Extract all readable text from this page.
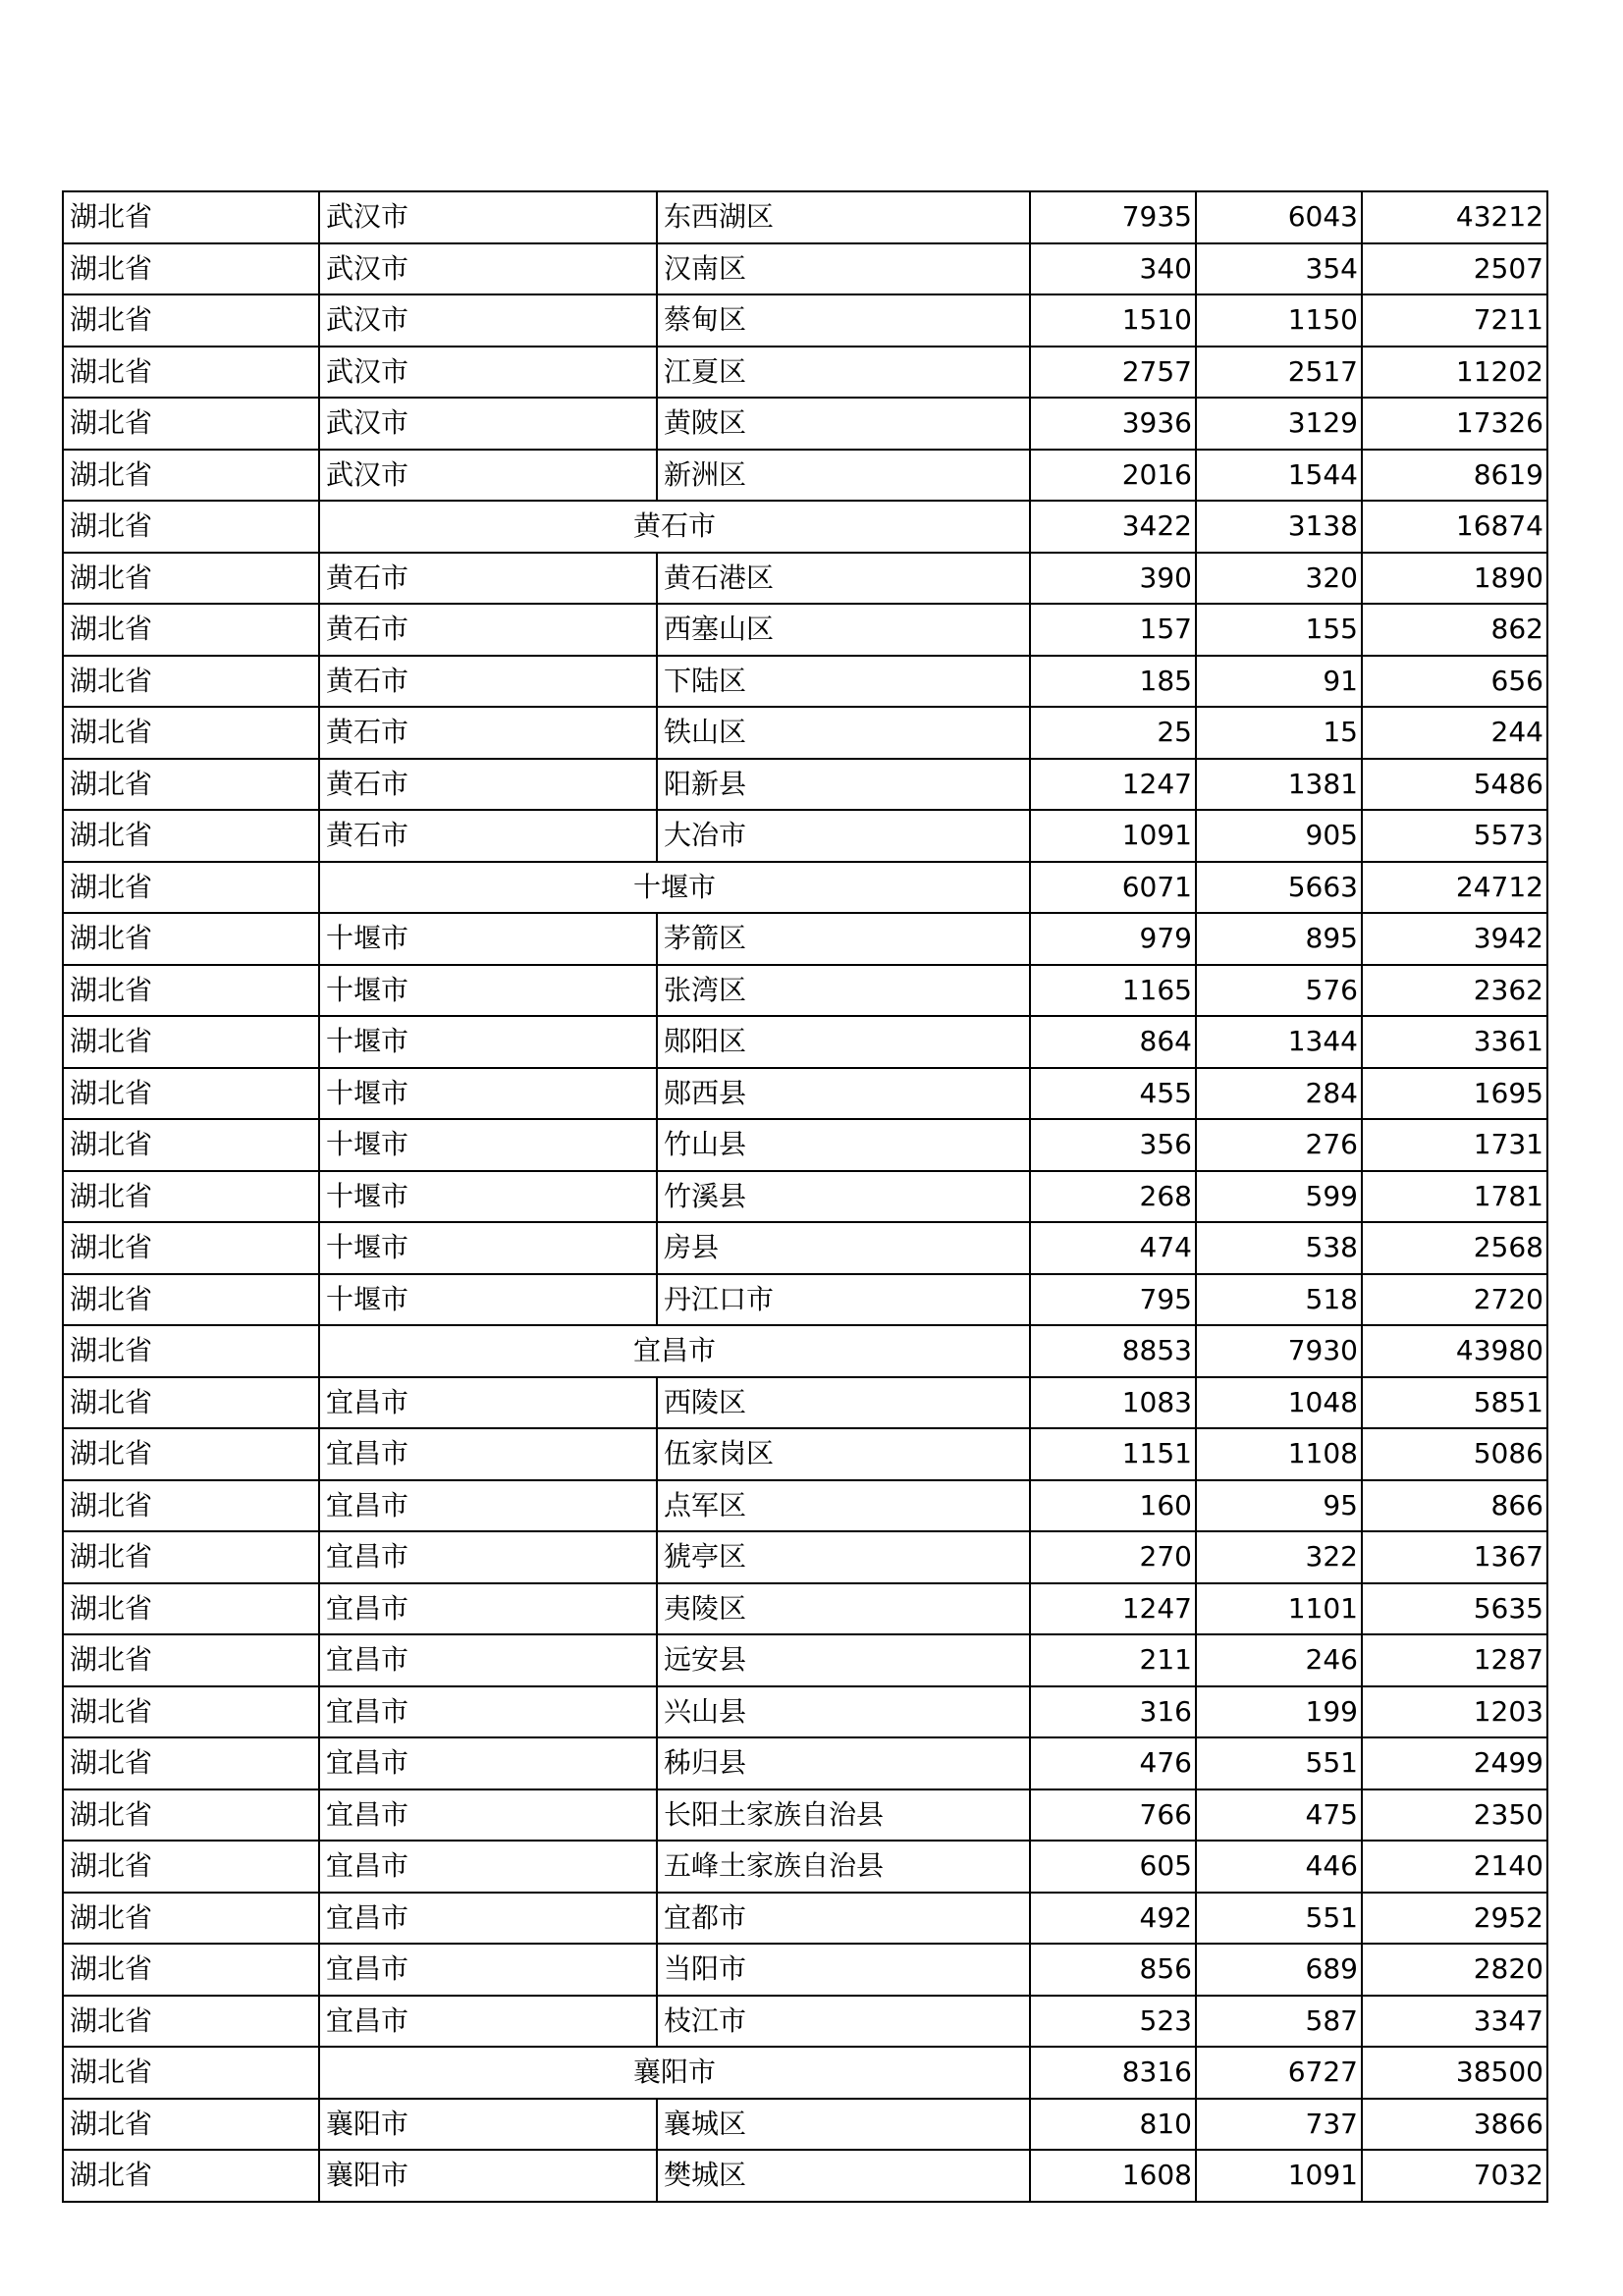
湖北省	武汉市	东西湖区	7935	6043	43212
湖北省	武汉市	汉南区	340	354	2507
湖北省	武汉市	蔡甸区	1510	1150	7211
湖北省	武汉市	江夏区	2757	2517	11202
湖北省	武汉市	黄陂区	3936	3129	17326
湖北省	武汉市	新洲区	2016	1544	8619
湖北省	黄石市		3422	3138	16874
湖北省	黄石市	黄石港区	390	320	1890
湖北省	黄石市	西塞山区	157	155	862
湖北省	黄石市	下陆区	185	91	656
湖北省	黄石市	铁山区	25	15	244
湖北省	黄石市	阳新县	1247	1381	5486
湖北省	黄石市	大冶市	1091	905	5573
湖北省	十堰市		6071	5663	24712
湖北省	十堰市	茅箭区	979	895	3942
湖北省	十堰市	张湾区	1165	576	2362
湖北省	十堰市	郧阳区	864	1344	3361
湖北省	十堰市	郧西县	455	284	1695
湖北省	十堰市	竹山县	356	276	1731
湖北省	十堰市	竹溪县	268	599	1781
湖北省	十堰市	房县	474	538	2568
湖北省	十堰市	丹江口市	795	518	2720
湖北省	宜昌市		8853	7930	43980
湖北省	宜昌市	西陵区	1083	1048	5851
湖北省	宜昌市	伍家岗区	1151	1108	5086
湖北省	宜昌市	点军区	160	95	866
湖北省	宜昌市	猇亭区	270	322	1367
湖北省	宜昌市	夷陵区	1247	1101	5635
湖北省	宜昌市	远安县	211	246	1287
湖北省	宜昌市	兴山县	316	199	1203
湖北省	宜昌市	秭归县	476	551	2499
湖北省	宜昌市	长阳土家族自治县	766	475	2350
湖北省	宜昌市	五峰土家族自治县	605	446	2140
湖北省	宜昌市	宜都市	492	551	2952
湖北省	宜昌市	当阳市	856	689	2820
湖北省	宜昌市	枝江市	523	587	3347
湖北省	襄阳市		8316	6727	38500
湖北省	襄阳市	襄城区	810	737	3866
湖北省	襄阳市	樊城区	1608	1091	7032
